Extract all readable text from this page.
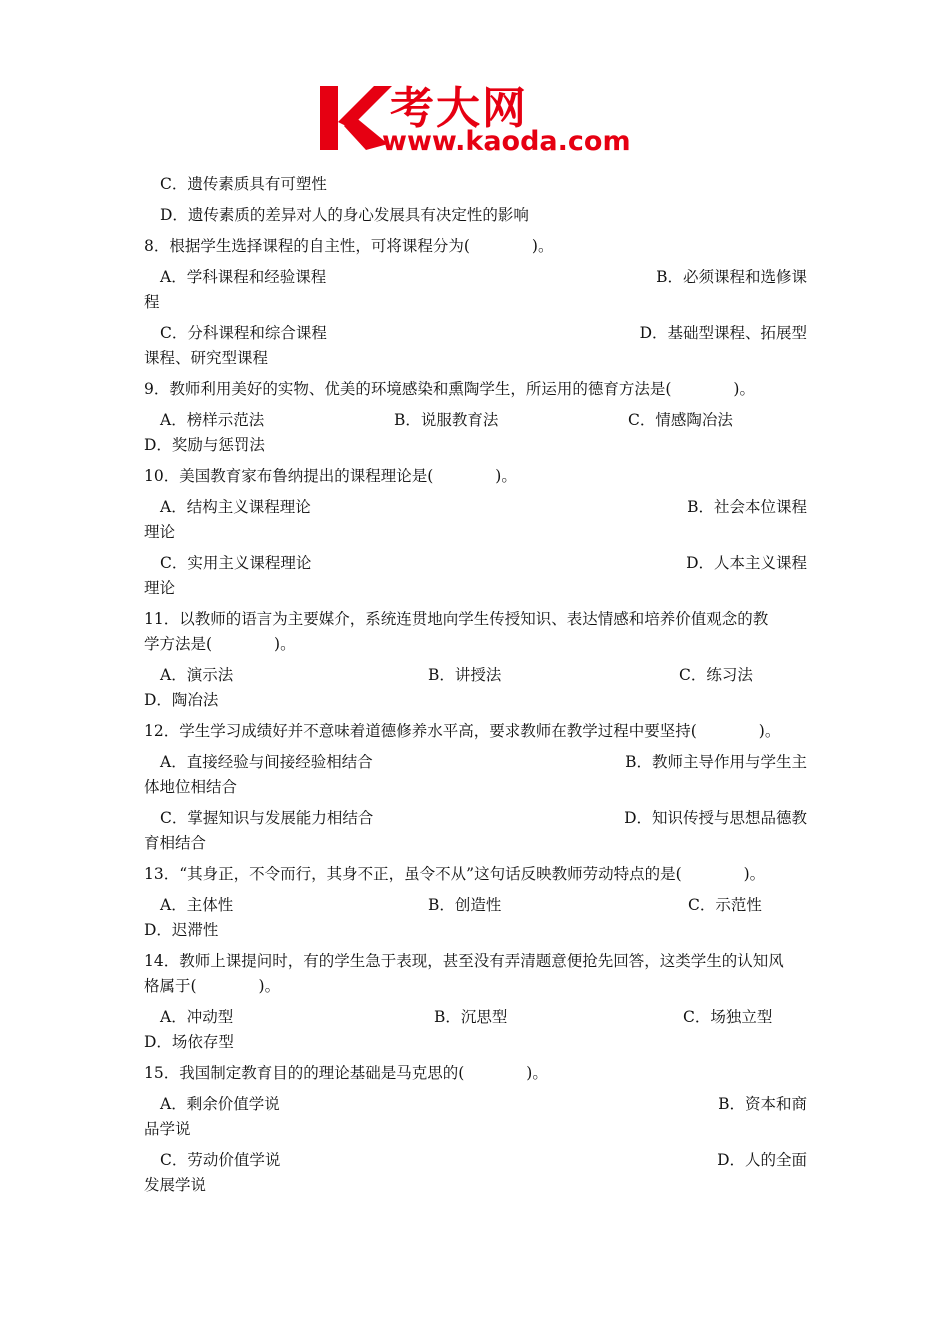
考大网
www.kaoda.com
C．遗传素质具有可塑性
D．遗传素质的差异对人的身心发展具有决定性的影响
8．根据学生选择课程的自主性，可将课程分为(　　　　)。
A．学科课程和经验课程	B．必须课程和选修课
程
C．分科课程和综合课程	D．基础型课程、拓展型
课程、研究型课程
9．教师利用美好的实物、优美的环境感染和熏陶学生，所运用的德育方法是(　　　　)。
A．榜样示范法	B．说服教育法	C．情感陶冶法
D．奖励与惩罚法
10．美国教育家布鲁纳提出的课程理论是(　　　　)。
A．结构主义课程理论	B．社会本位课程
理论
C．实用主义课程理论	D．人本主义课程
理论
11．以教师的语言为主要媒介，系统连贯地向学生传授知识、表达情感和培养价值观念的教
学方法是(　　　　)。
A．演示法	B．讲授法	C．练习法
D．陶冶法
12．学生学习成绩好并不意味着道德修养水平高，要求教师在教学过程中要坚持(　　　　)。
A．直接经验与间接经验相结合	B．教师主导作用与学生主
体地位相结合
C．掌握知识与发展能力相结合	D．知识传授与思想品德教
育相结合
13．“其身正，不令而行，其身不正，虽令不从”这句话反映教师劳动特点的是(　　　　)。
A．主体性	B．创造性	C．示范性
D．迟滞性
14．教师上课提问时，有的学生急于表现，甚至没有弄清题意便抢先回答，这类学生的认知风
格属于(　　　　)。
A．冲动型	B．沉思型	C．场独立型
D．场依存型
15．我国制定教育目的的理论基础是马克思的(　　　　)。
A．剩余价值学说	B．资本和商
品学说
C．劳动价值学说	D．人的全面
发展学说
